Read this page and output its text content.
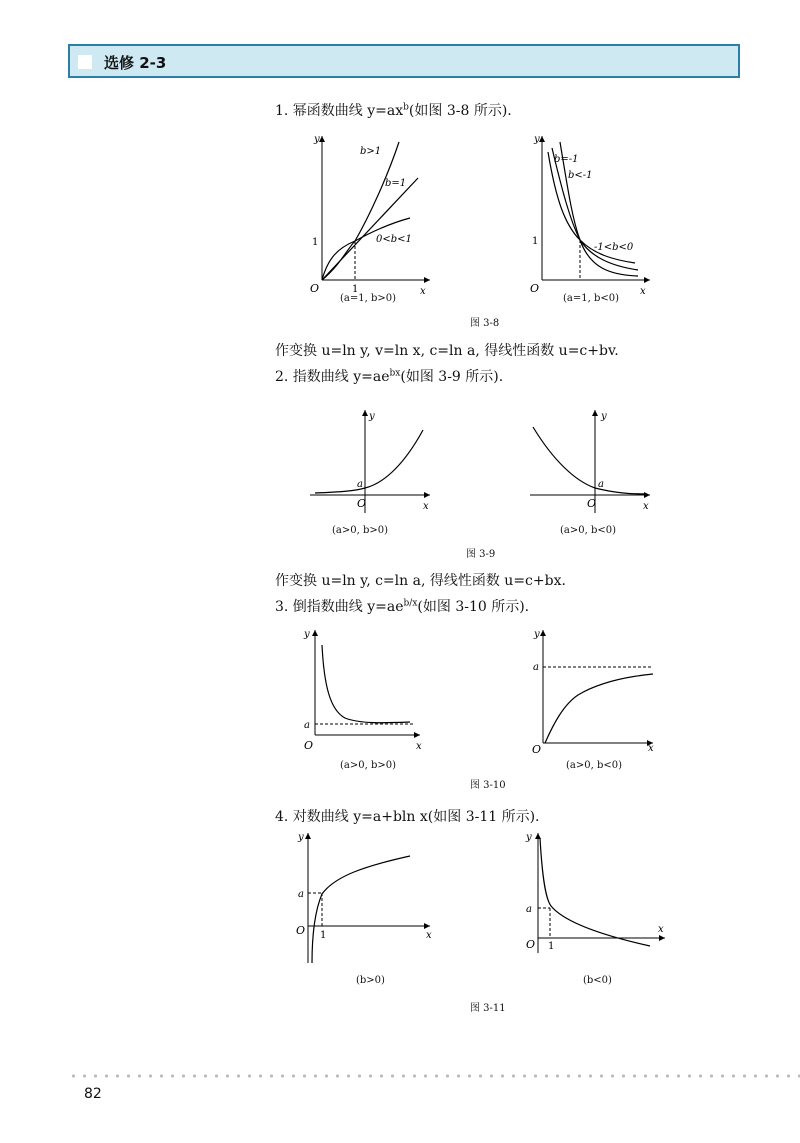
选修 2-3
1. 幂函数曲线 $y=ax^b$(如图 3-8 所示).
y
x
O	1
1
b>1
b=1
0<b<1
(a=1, b>0)
y
x
O
1
b=-1
b<-1
-1<b<0
(a=1, b<0)
图 3-8
作变换 u=ln y, v=ln x, c=ln a, 得线性函数 u=c+bv.
2. 指数曲线 $y=ae^{bx}$(如图 3-9 所示).
y
x
O
a
(a>0, b>0)
y
x
O
a
(a>0, b<0)
图 3-9
作变换 u=ln y, c=ln a, 得线性函数 u=c+bx.
3. 倒指数曲线 $y=ae^{b/x}$(如图 3-10 所示).
y
x
O
a
(a>0, b>0)
y
x
O
a
(a>0, b<0)
图 3-10
4. 对数曲线 y=a+bln x(如图 3-11 所示).
y
x
O
a
1
(b>0)
y
x
O
a
1
(b<0)
图 3-11
82
